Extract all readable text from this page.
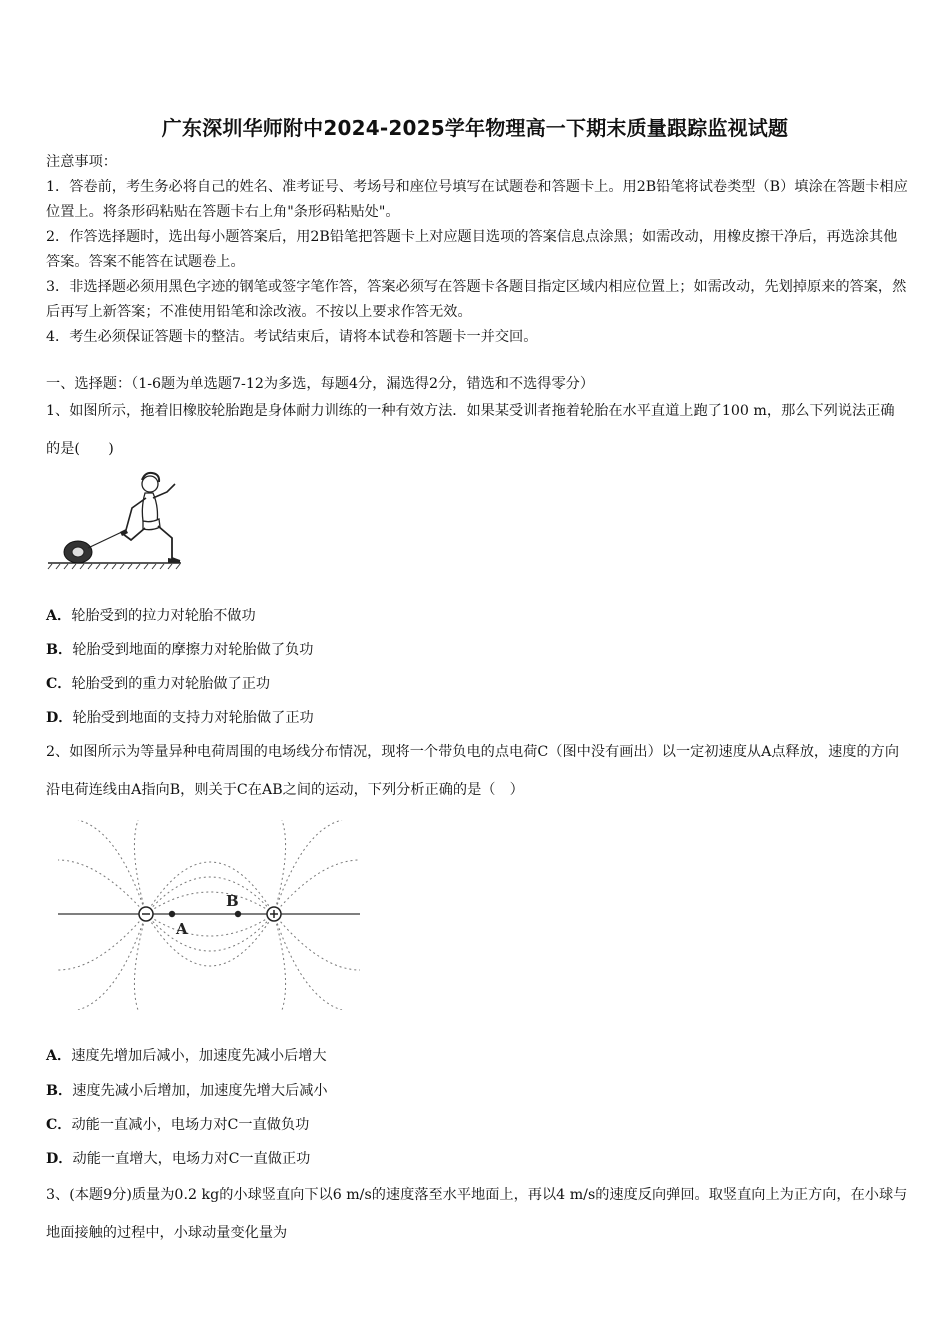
广东深圳华师附中2024-2025学年物理高一下期末质量跟踪监视试题

注意事项：

1．答卷前，考生务必将自己的姓名、准考证号、考场号和座位号填写在试题卷和答题卡上。用2B铅笔将试卷类型（B）填涂在答题卡相应位置上。将条形码粘贴在答题卡右上角"条形码粘贴处"。

2．作答选择题时，选出每小题答案后，用2B铅笔把答题卡上对应题目选项的答案信息点涂黑；如需改动，用橡皮擦干净后，再选涂其他答案。答案不能答在试题卷上。

3．非选择题必须用黑色字迹的钢笔或签字笔作答，答案必须写在答题卡各题目指定区域内相应位置上；如需改动，先划掉原来的答案，然后再写上新答案；不准使用铅笔和涂改液。不按以上要求作答无效。

4．考生必须保证答题卡的整洁。考试结束后，请将本试卷和答题卡一并交回。

一、选择题：（1-6题为单选题7-12为多选，每题4分，漏选得2分，错选和不选得零分）

1、如图所示，拖着旧橡胶轮胎跑是身体耐力训练的一种有效方法．如果某受训者拖着轮胎在水平直道上跑了100 m，那么下列说法正确的是(　　)

A．轮胎受到的拉力对轮胎不做功
B．轮胎受到地面的摩擦力对轮胎做了负功
C．轮胎受到的重力对轮胎做了正功
D．轮胎受到地面的支持力对轮胎做了正功

2、如图所示为等量异种电荷周围的电场线分布情况，现将一个带负电的点电荷C（图中没有画出）以一定初速度从A点释放，速度的方向沿电荷连线由A指向B，则关于C在AB之间的运动，下列分析正确的是（　）

A
B
A．速度先增加后减小，加速度先减小后增大
B．速度先减小后增加，加速度先增大后减小
C．动能一直减小，电场力对C一直做负功
D．动能一直增大，电场力对C一直做正功

3、(本题9分)质量为0.2 kg的小球竖直向下以6 m/s的速度落至水平地面上，再以4 m/s的速度反向弹回。取竖直向上为正方向，在小球与地面接触的过程中，小球动量变化量为
